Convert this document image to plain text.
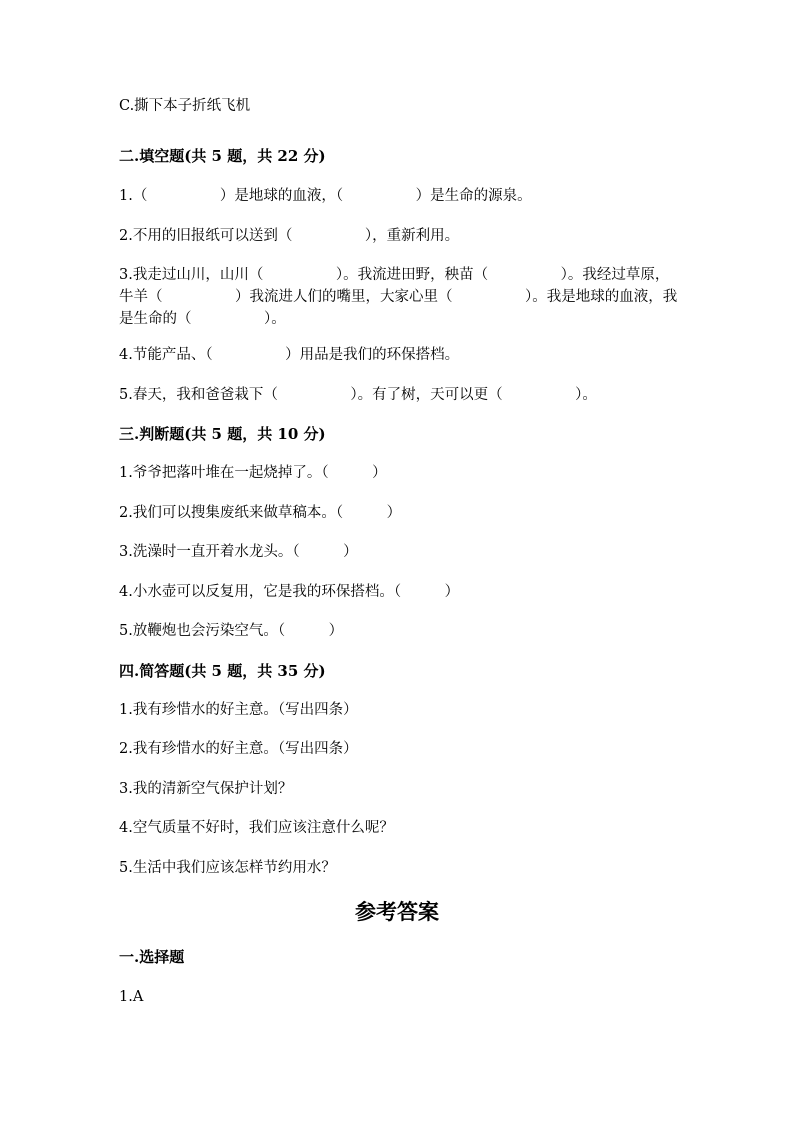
C.撕下本子折纸飞机
二.填空题(共 5 题，共 22 分)
1.（　　　　　）是地球的血液，（　　　　　）是生命的源泉。
2.不用的旧报纸可以送到（　　　　　），重新利用。
3.我走过山川，山川（　　　　　）。我流进田野，秧苗（　　　　　）。我经过草原，牛羊（　　　　　）我流进人们的嘴里，大家心里（　　　　　）。我是地球的血液，我是生命的（　　　　　）。
4.节能产品、（　　　　　）用品是我们的环保搭档。
5.春天，我和爸爸栽下（　　　　　）。有了树，天可以更（　　　　　）。
三.判断题(共 5 题，共 10 分)
1.爷爷把落叶堆在一起烧掉了。（　　　）
2.我们可以搜集废纸来做草稿本。（　　　）
3.洗澡时一直开着水龙头。（　　　）
4.小水壶可以反复用，它是我的环保搭档。（　　　）
5.放鞭炮也会污染空气。（　　　）
四.简答题(共 5 题，共 35 分)
1.我有珍惜水的好主意。（写出四条）
2.我有珍惜水的好主意。（写出四条）
3.我的清新空气保护计划？
4.空气质量不好时，我们应该注意什么呢？
5.生活中我们应该怎样节约用水？
参考答案
一.选择题
1.A
